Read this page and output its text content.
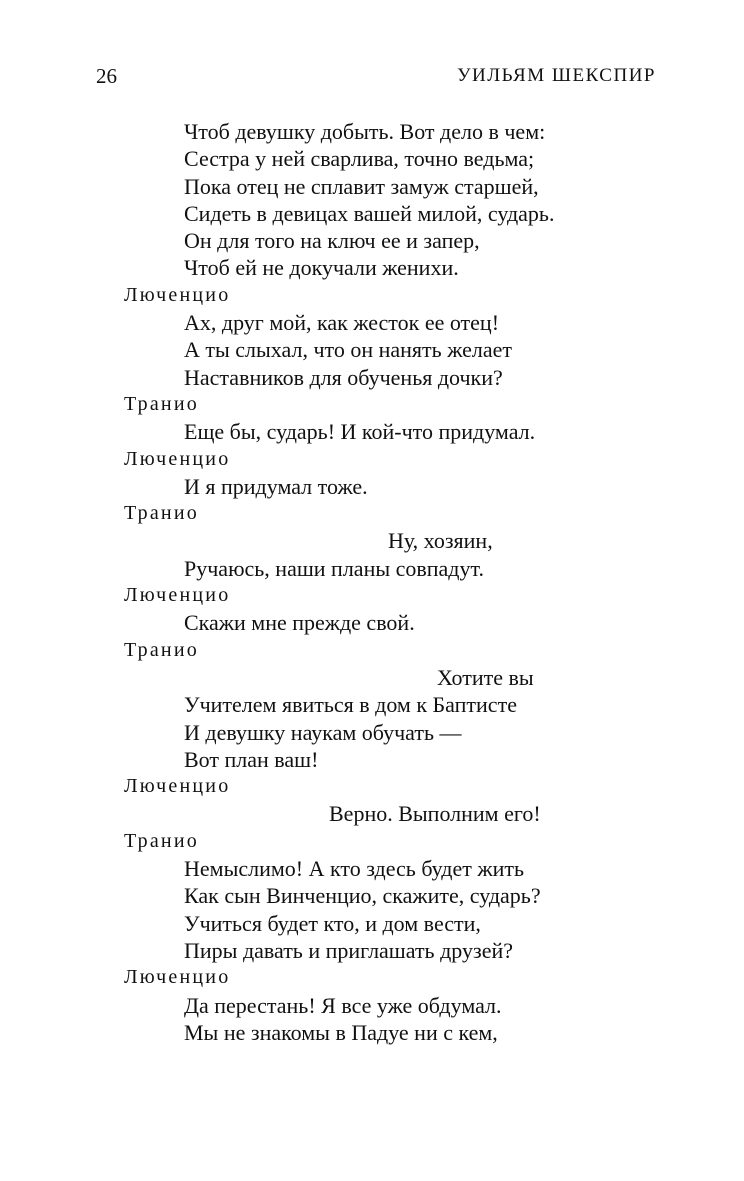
26	УИЛЬЯМ ШЕКСПИР
Чтоб девушку добыть. Вот дело в чем:
Сестра у ней сварлива, точно ведьма;
Пока отец не сплавит замуж старшей,
Сидеть в девицах вашей милой, сударь.
Он для того на ключ ее и запер,
Чтоб ей не докучали женихи.
Люченцио
Ах, друг мой, как жесток ее отец!
А ты слыхал, что он нанять желает
Наставников для обученья дочки?
Транио
Еще бы, сударь! И кой-что придумал.
Люченцио
И я придумал тоже.
Транио
Ну, хозяин,
Ручаюсь, наши планы совпадут.
Люченцио
Скажи мне прежде свой.
Транио
Хотите вы
Учителем явиться в дом к Баптисте
И девушку наукам обучать —
Вот план ваш!
Люченцио
Верно. Выполним его!
Транио
Немыслимо! А кто здесь будет жить
Как сын Винченцио, скажите, сударь?
Учиться будет кто, и дом вести,
Пиры давать и приглашать друзей?
Люченцио
Да перестань! Я все уже обдумал.
Мы не знакомы в Падуе ни с кем,
